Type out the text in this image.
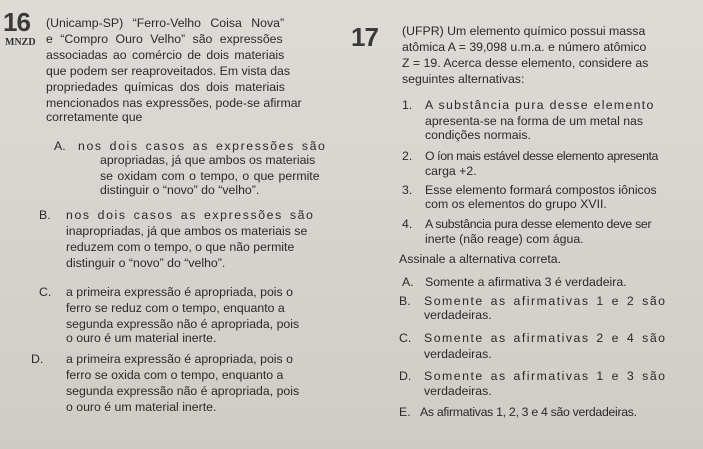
16
MNZD
(Unicamp-SP) “Ferro-Velho Coisa Nova”
e “Compro Ouro Velho” são expressões
associadas ao comércio de dois materiais
que podem ser reaproveitados. Em vista das
propriedades químicas dos dois materiais
mencionados nas expressões, pode-se afirmar
corretamente que
A. nos dois casos as expressões são
apropriadas, já que ambos os materiais
se oxidam com o tempo, o que permite
distinguir o “novo” do “velho”.
B. nos dois casos as expressões são
inapropriadas, já que ambos os materiais se
reduzem com o tempo, o que não permite
distinguir o “novo” do “velho”.
C. a primeira expressão é apropriada, pois o
ferro se reduz com o tempo, enquanto a
segunda expressão não é apropriada, pois
o ouro é um material inerte.
D. a primeira expressão é apropriada, pois o
ferro se oxida com o tempo, enquanto a
segunda expressão não é apropriada, pois
o ouro é um material inerte.
17 (UFPR) Um elemento químico possui massa
atômica A = 39,098 u.m.a. e número atômico
Z = 19. Acerca desse elemento, considere as
seguintes alternativas:
1. A substância pura desse elemento
apresenta-se na forma de um metal nas
condições normais.
2. O íon mais estável desse elemento apresenta
carga +2.
3. Esse elemento formará compostos iônicos
com os elementos do grupo XVII.
4. A substância pura desse elemento deve ser
inerte (não reage) com água.
Assinale a alternativa correta.
A. Somente a afirmativa 3 é verdadeira.
B. Somente as afirmativas 1 e 2 são
verdadeiras.
C. Somente as afirmativas 2 e 4 são
verdadeiras.
D. Somente as afirmativas 1 e 3 são
verdadeiras.
E. As afirmativas 1, 2, 3 e 4 são verdadeiras.
